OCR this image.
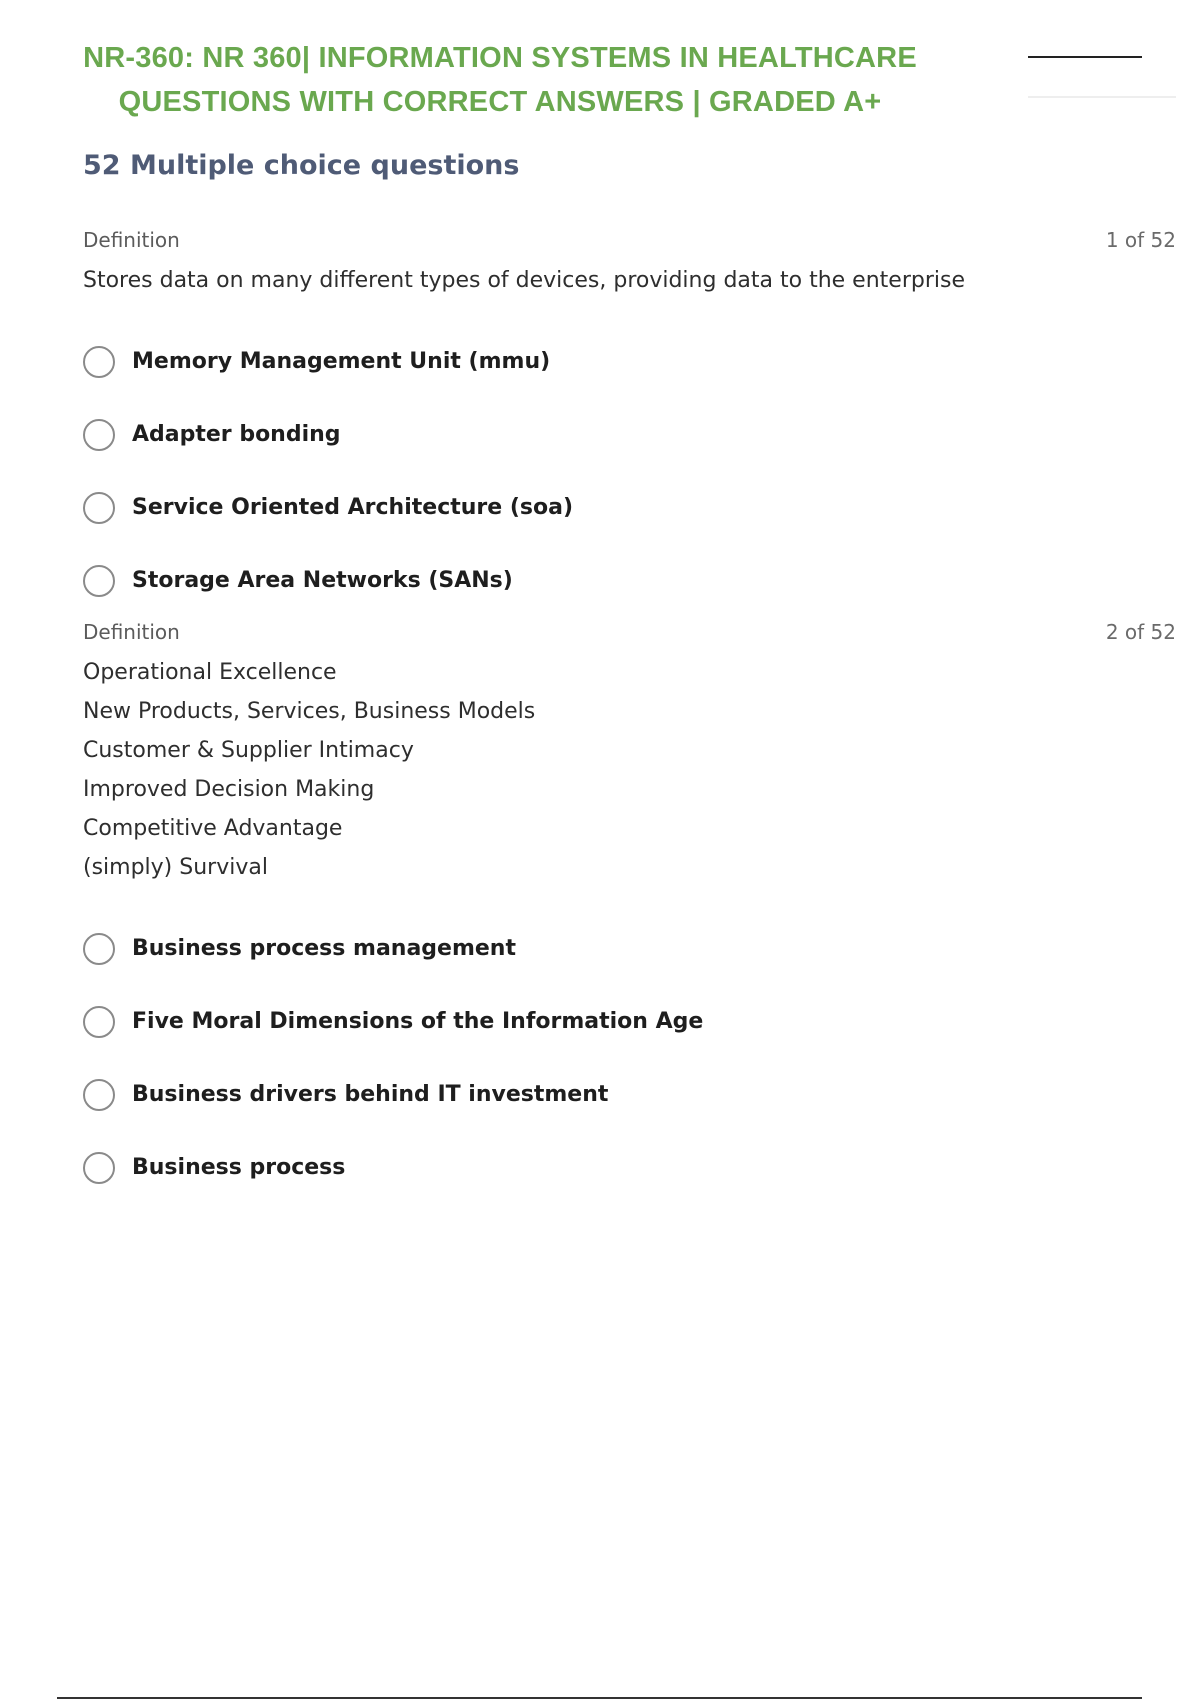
NR-360: NR 360| INFORMATION SYSTEMS IN HEALTHCARE
QUESTIONS WITH CORRECT ANSWERS | GRADED A+
52 Multiple choice questions
Definition	1 of 52
Stores data on many different types of devices, providing data to the enterprise
Memory Management Unit (mmu)
Adapter bonding
Service Oriented Architecture (soa)
Storage Area Networks (SANs)
Definition	2 of 52
Operational Excellence
New Products, Services, Business Models
Customer & Supplier Intimacy
Improved Decision Making
Competitive Advantage
(simply) Survival
Business process management
Five Moral Dimensions of the Information Age
Business drivers behind IT investment
Business process
